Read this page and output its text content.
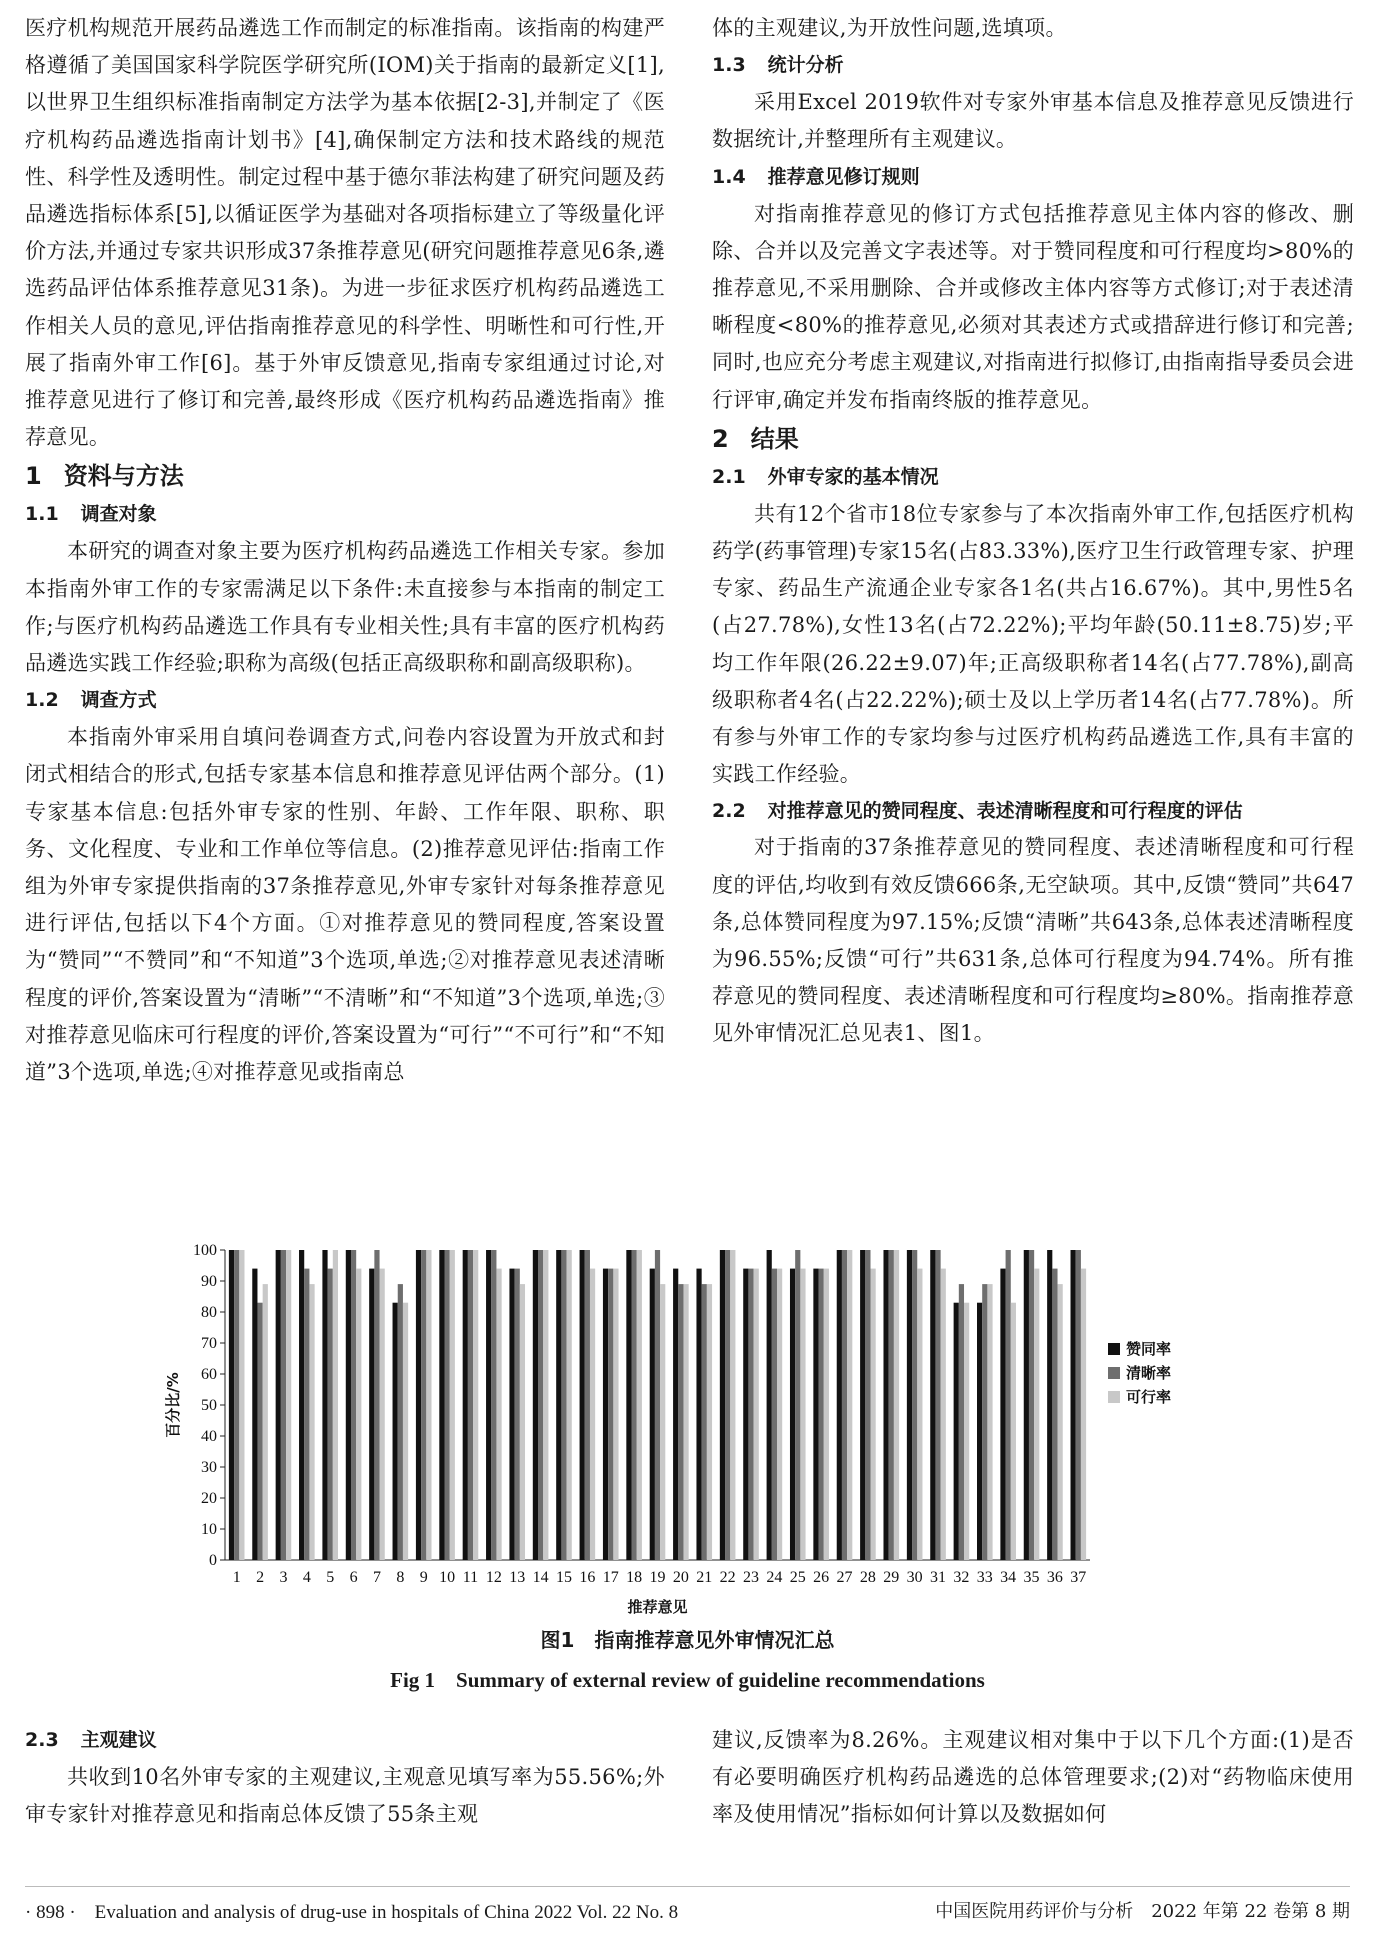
医疗机构规范开展药品遴选工作而制定的标准指南。该指南的构建严格遵循了美国国家科学院医学研究所(IOM)关于指南的最新定义[1],以世界卫生组织标准指南制定方法学为基本依据[2-3],并制定了《医疗机构药品遴选指南计划书》[4],确保制定方法和技术路线的规范性、科学性及透明性。制定过程中基于德尔菲法构建了研究问题及药品遴选指标体系[5],以循证医学为基础对各项指标建立了等级量化评价方法,并通过专家共识形成37条推荐意见(研究问题推荐意见6条,遴选药品评估体系推荐意见31条)。为进一步征求医疗机构药品遴选工作相关人员的意见,评估指南推荐意见的科学性、明晰性和可行性,开展了指南外审工作[6]。基于外审反馈意见,指南专家组通过讨论,对推荐意见进行了修订和完善,最终形成《医疗机构药品遴选指南》推荐意见。

1 资料与方法
1.1 调查对象

本研究的调查对象主要为医疗机构药品遴选工作相关专家。参加本指南外审工作的专家需满足以下条件:未直接参与本指南的制定工作;与医疗机构药品遴选工作具有专业相关性;具有丰富的医疗机构药品遴选实践工作经验;职称为高级(包括正高级职称和副高级职称)。

1.2 调查方式

本指南外审采用自填问卷调查方式,问卷内容设置为开放式和封闭式相结合的形式,包括专家基本信息和推荐意见评估两个部分。(1)专家基本信息:包括外审专家的性别、年龄、工作年限、职称、职务、文化程度、专业和工作单位等信息。(2)推荐意见评估:指南工作组为外审专家提供指南的37条推荐意见,外审专家针对每条推荐意见进行评估,包括以下4个方面。①对推荐意见的赞同程度,答案设置为“赞同”“不赞同”和“不知道”3个选项,单选;②对推荐意见表述清晰程度的评价,答案设置为“清晰”“不清晰”和“不知道”3个选项,单选;③对推荐意见临床可行程度的评价,答案设置为“可行”“不可行”和“不知道”3个选项,单选;④对推荐意见或指南总

体的主观建议,为开放性问题,选填项。

1.3 统计分析

采用Excel 2019软件对专家外审基本信息及推荐意见反馈进行数据统计,并整理所有主观建议。

1.4 推荐意见修订规则

对指南推荐意见的修订方式包括推荐意见主体内容的修改、删除、合并以及完善文字表述等。对于赞同程度和可行程度均>80%的推荐意见,不采用删除、合并或修改主体内容等方式修订;对于表述清晰程度<80%的推荐意见,必须对其表述方式或措辞进行修订和完善;同时,也应充分考虑主观建议,对指南进行拟修订,由指南指导委员会进行评审,确定并发布指南终版的推荐意见。

2 结果
2.1 外审专家的基本情况

共有12个省市18位专家参与了本次指南外审工作,包括医疗机构药学(药事管理)专家15名(占83.33%),医疗卫生行政管理专家、护理专家、药品生产流通企业专家各1名(共占16.67%)。其中,男性5名(占27.78%),女性13名(占72.22%);平均年龄(50.11±8.75)岁;平均工作年限(26.22±9.07)年;正高级职称者14名(占77.78%),副高级职称者4名(占22.22%);硕士及以上学历者14名(占77.78%)。所有参与外审工作的专家均参与过医疗机构药品遴选工作,具有丰富的实践工作经验。

2.2 对推荐意见的赞同程度、表述清晰程度和可行程度的评估

对于指南的37条推荐意见的赞同程度、表述清晰程度和可行程度的评估,均收到有效反馈666条,无空缺项。其中,反馈“赞同”共647条,总体赞同程度为97.15%;反馈“清晰”共643条,总体表述清晰程度为96.55%;反馈“可行”共631条,总体可行程度为94.74%。所有推荐意见的赞同程度、表述清晰程度和可行程度均≥80%。指南推荐意见外审情况汇总见表1、图1。

0
10
20
30
40
50
60
70
80
90
100
1 2 3 4 5 6 7 8 9 10 11 12 13 14 15 16 17 18 19 20 21 22 23 24 25 26 27 28 29 30 31 32 33 34 35 36 37
赞同率
清晰率
可行率
百分比/%
推荐意见
图1　指南推荐意见外审情况汇总
Fig 1　Summary of external review of guideline recommendations
2.3 主观建议

共收到10名外审专家的主观建议,主观意见填写率为55.56%;外审专家针对推荐意见和指南总体反馈了55条主观

建议,反馈率为8.26%。主观建议相对集中于以下几个方面:(1)是否有必要明确医疗机构药品遴选的总体管理要求;(2)对“药物临床使用率及使用情况”指标如何计算以及数据如何

· 898 ·　Evaluation and analysis of drug-use in hospitals of China 2022 Vol. 22 No. 8	中国医院用药评价与分析　2022 年第 22 卷第 8 期
